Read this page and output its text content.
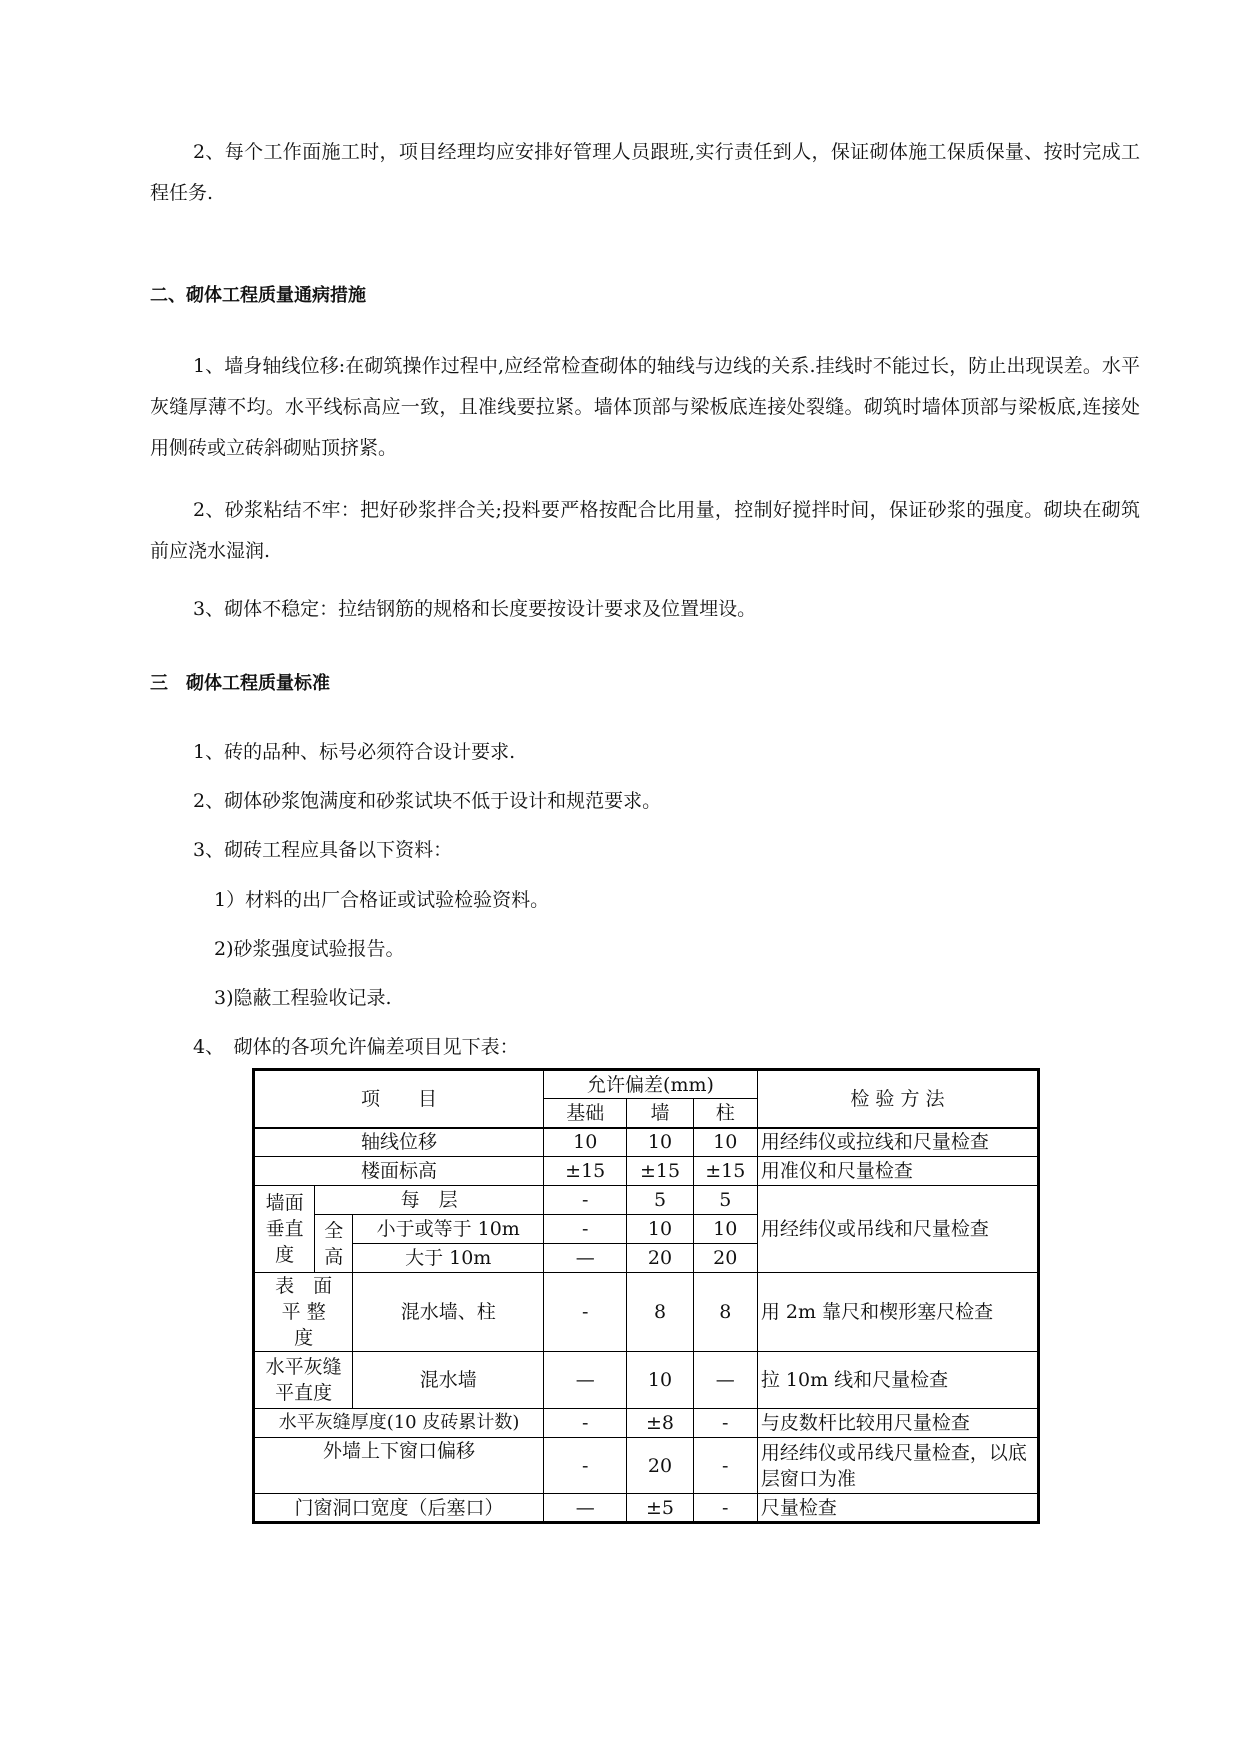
2、每个工作面施工时，项目经理均应安排好管理人员跟班,实行责任到人，保证砌体施工保质保量、按时完成工程任务.

二、砌体工程质量通病措施

1、墙身轴线位移:在砌筑操作过程中,应经常检查砌体的轴线与边线的关系.挂线时不能过长，防止出现误差。水平灰缝厚薄不均。水平线标高应一致，且准线要拉紧。墙体顶部与梁板底连接处裂缝。砌筑时墙体顶部与梁板底,连接处用侧砖或立砖斜砌贴顶挤紧。

2、砂浆粘结不牢：把好砂浆拌合关;投料要严格按配合比用量，控制好搅拌时间，保证砂浆的强度。砌块在砌筑前应浇水湿润.

3、砌体不稳定：拉结钢筋的规格和长度要按设计要求及位置埋设。

三　砌体工程质量标准

1、砖的品种、标号必须符合设计要求.

2、砌体砂浆饱满度和砂浆试块不低于设计和规范要求。

3、砌砖工程应具备以下资料：

1）材料的出厂合格证或试验检验资料。

2)砂浆强度试验报告。

3)隐蔽工程验收记录.

4、　砌体的各项允许偏差项目见下表：

项　　目			允许偏差(mm)			检 验 方 法
			基础	墙	柱	
轴线位移			10	10	10	用经纬仪或拉线和尺量检查
楼面标高			±15	±15	±15	用准仪和尺量检查
墙面垂直度	每　层		-	5	5	用经纬仪或吊线和尺量检查
	全高	小于或等于 10m	-	10	10	
		大于 10m	—	20	20	
表　面平 整 度		混水墙、柱	-	8	8	用 2m 靠尺和楔形塞尺检查
水平灰缝平直度		混水墙	—	10	—	拉 10m 线和尺量检查
水平灰缝厚度(10 皮砖累计数)			-	±8	-	与皮数杆比较用尺量检查
外墙上下窗口偏移			-	20	-	用经纬仪或吊线尺量检查，以底层窗口为准
门窗洞口宽度（后塞口）			—	±5	-	尺量检查
